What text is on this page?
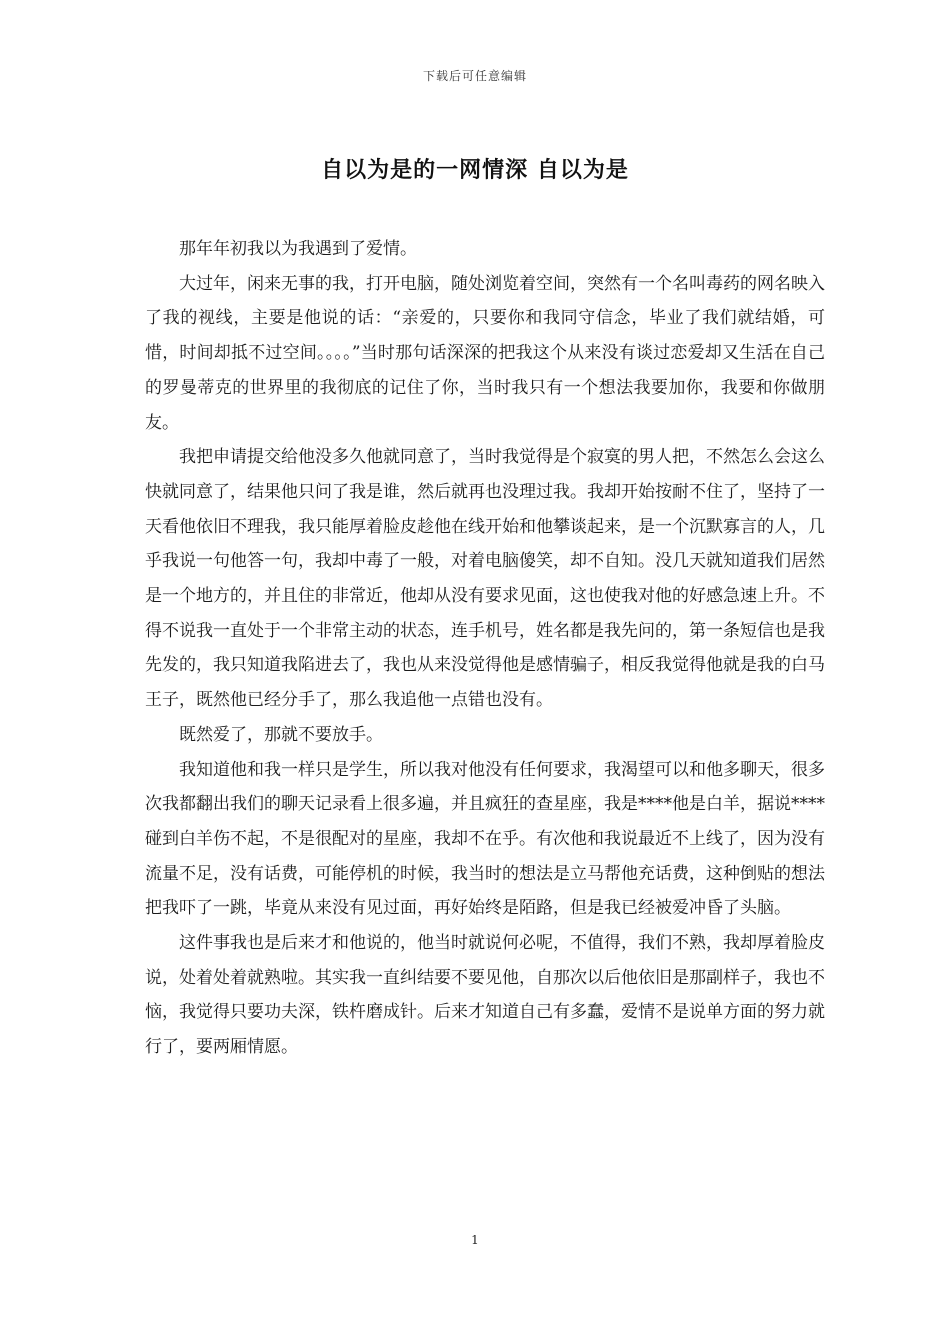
下载后可任意编辑
自以为是的一网情深 自以为是

那年年初我以为我遇到了爱情。

大过年，闲来无事的我，打开电脑，随处浏览着空间，突然有一个名叫毒药的网名映入了我的视线，主要是他说的话：“亲爱的，只要你和我同守信念，毕业了我们就结婚，可惜，时间却抵不过空间。。。。”当时那句话深深的把我这个从来没有谈过恋爱却又生活在自己的罗曼蒂克的世界里的我彻底的记住了你，当时我只有一个想法我要加你，我要和你做朋友。

我把申请提交给他没多久他就同意了，当时我觉得是个寂寞的男人把，不然怎么会这么快就同意了，结果他只问了我是谁，然后就再也没理过我。我却开始按耐不住了，坚持了一天看他依旧不理我，我只能厚着脸皮趁他在线开始和他攀谈起来，是一个沉默寡言的人，几乎我说一句他答一句，我却中毒了一般，对着电脑傻笑，却不自知。没几天就知道我们居然是一个地方的，并且住的非常近，他却从没有要求见面，这也使我对他的好感急速上升。不得不说我一直处于一个非常主动的状态，连手机号，姓名都是我先问的，第一条短信也是我先发的，我只知道我陷进去了，我也从来没觉得他是感情骗子，相反我觉得他就是我的白马王子，既然他已经分手了，那么我追他一点错也没有。

既然爱了，那就不要放手。

我知道他和我一样只是学生，所以我对他没有任何要求，我渴望可以和他多聊天，很多次我都翻出我们的聊天记录看上很多遍，并且疯狂的查星座，我是****他是白羊，据说****碰到白羊伤不起，不是很配对的星座，我却不在乎。有次他和我说最近不上线了，因为没有流量不足，没有话费，可能停机的时候，我当时的想法是立马帮他充话费，这种倒贴的想法把我吓了一跳，毕竟从来没有见过面，再好始终是陌路，但是我已经被爱冲昏了头脑。

这件事我也是后来才和他说的，他当时就说何必呢，不值得，我们不熟，我却厚着脸皮说，处着处着就熟啦。其实我一直纠结要不要见他，自那次以后他依旧是那副样子，我也不恼，我觉得只要功夫深，铁杵磨成针。后来才知道自己有多蠢，爱情不是说单方面的努力就行了，要两厢情愿。

1
